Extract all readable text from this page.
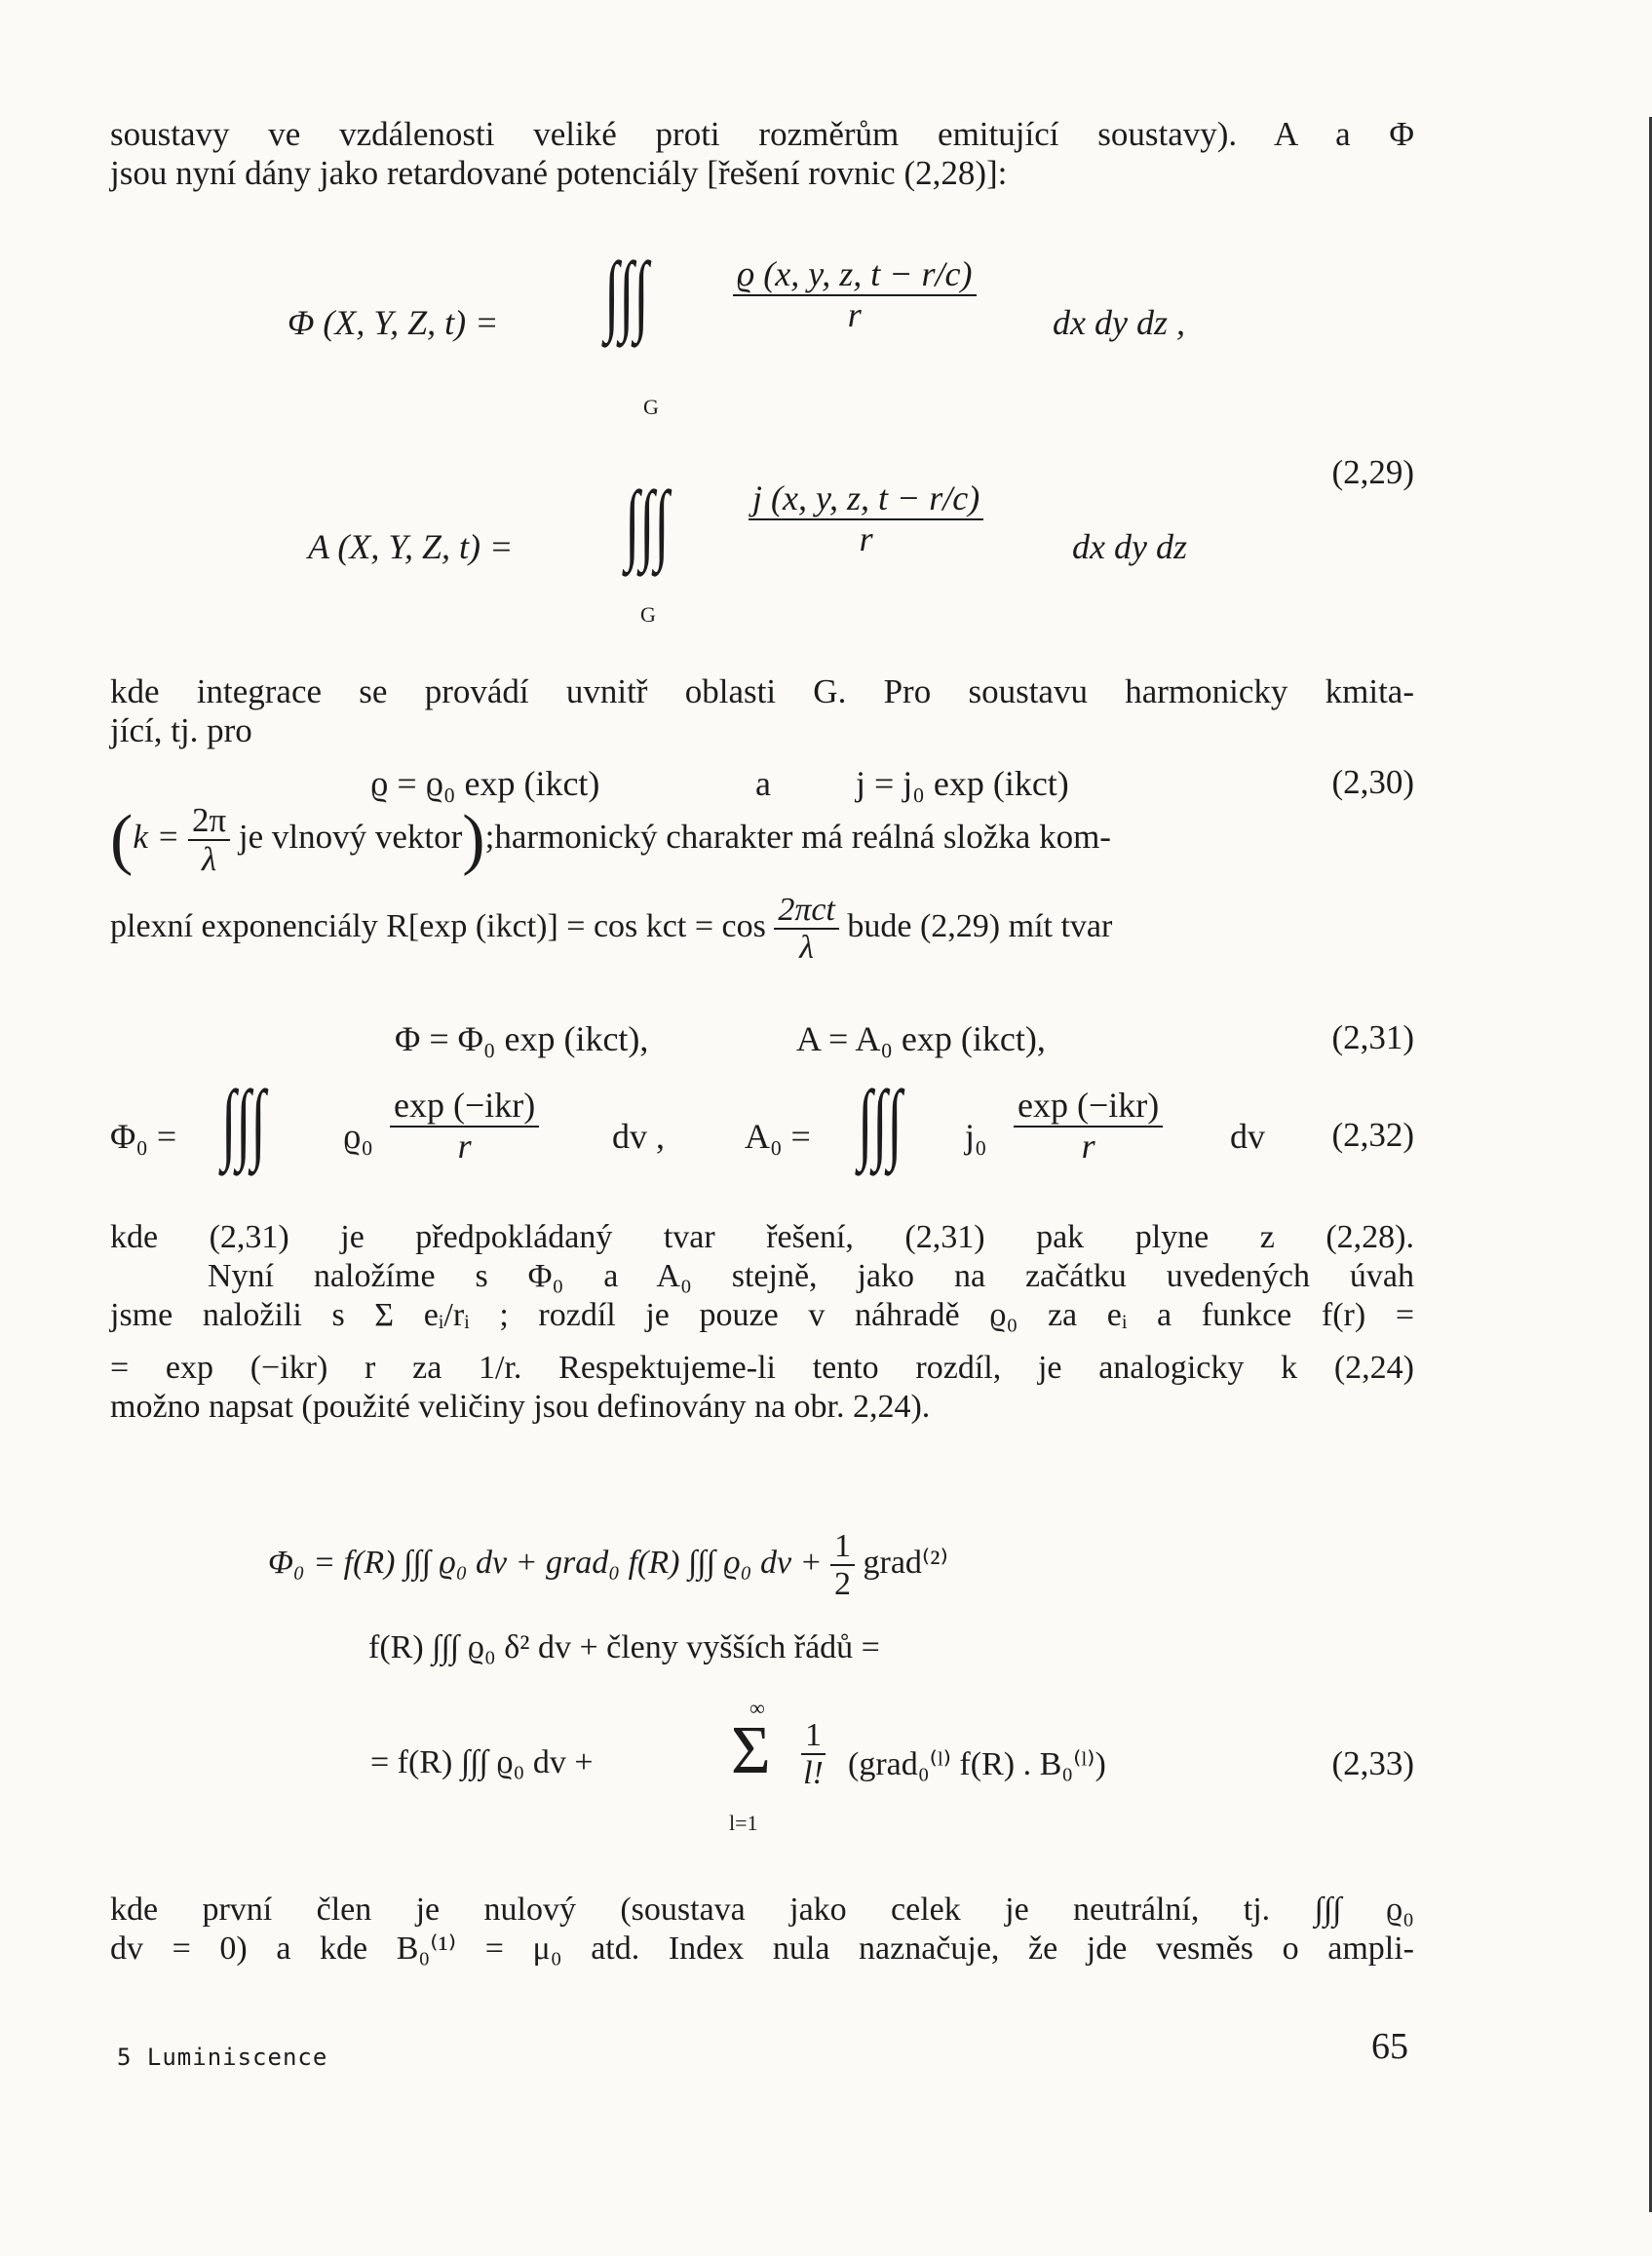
soustavy ve vzdálenosti veliké proti rozměrům emitující soustavy). A a Φ
jsou nyní dány jako retardované potenciály [řešení rovnic (2,28)]:
Φ (X, Y, Z, t) = ∫∫∫
G
$\frac{ϱ (x, y, z, t - r/c)}{r}$ dx dy dz ,
A (X, Y, Z, t) = ∫∫∫
G
$\frac{j (x, y, z, t - r/c)}{r}$	dx dy dz
(2,29)
kde integrace se provádí uvnitř oblasti G. Pro soustavu harmonicky kmita-
jící, tj. pro
ϱ = ϱ₀ exp (ikct)	a j = j₀ exp (ikct)	(2,30)
($k = \frac{2\pi}{\lambda}$ je vlnový vektor);harmonický charakter má reálná složka kom-
plexní exponenciály R[exp (ikct)] = cos kct = $\cos \frac{\text{2πct}}{\lambda}$ bude (2,29) mít tvar
Φ = Φ₀ exp (ikct),	A = A₀ exp (ikct),	(2,31)
Φ₀ = ∫∫∫	$ϱ_0 \frac{\text{exp (−ikr)}}{r}$ dv , A₀ = ∫∫∫	$j_0 \frac{\text{exp (−ikr)}}{r}$ dv (2,32)
kde (2,31) je předpokládaný tvar řešení, (2,31) pak plyne z (2,28).
Nyní naložíme s Φ₀ a A₀ stejně, jako na začátku uvedených úvah
jsme naložili s Σ eᵢ/rᵢ ; rozdíl je pouze v náhradě ϱ₀ za eᵢ a funkce f(r) =
= exp (−ikr) r za 1/r. Respektujeme-li tento rozdíl, je analogicky k (2,24)
možno napsat (použité veličiny jsou definovány na obr. 2,24).
Φ₀ = f(R) ∫∫∫ ϱ₀ dv + grad₀ f(R) ∫∫∫ ϱ₀ dv + $\frac{1}{2}$ grad⁽²⁾
f(R) ∫∫∫ ϱ₀ δ² dv + členy vyšších řádů =
= f(R) ∫∫∫ ϱ₀ dv +
∞
Σ
l=1
$\frac{1}{l!}$ (grad₀⁽ˡ⁾ f(R) . B₀⁽ˡ⁾)	(2,33)
kde první člen je nulový (soustava jako celek je neutrální, tj. ∫∫∫ ϱ₀
dv = 0) a kde B₀⁽¹⁾ = μ₀ atd. Index nula naznačuje, že jde vesměs o ampli-
5 Luminiscence	65
